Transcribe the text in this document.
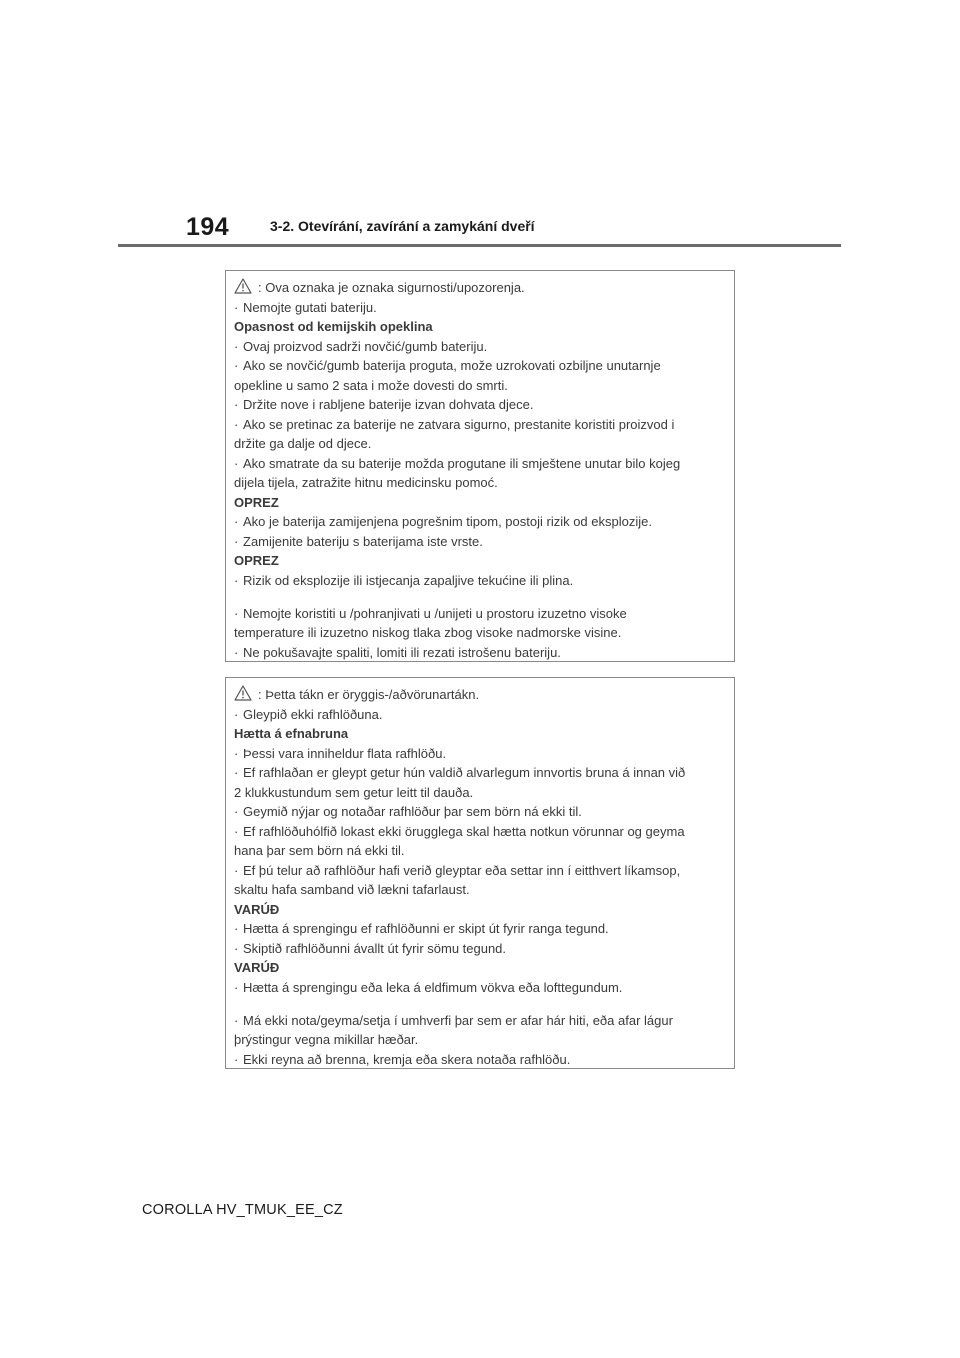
194	3-2. Otevírání, zavírání a zamykání dveří
: Ova oznaka je oznaka sigurnosti/upozorenja.
· Nemojte gutati bateriju.
Opasnost od kemijskih opeklina
· Ovaj proizvod sadrži novčić/gumb bateriju.
· Ako se novčić/gumb baterija proguta, može uzrokovati ozbiljne unutarnje
opekline u samo 2 sata i može dovesti do smrti.
· Držite nove i rabljene baterije izvan dohvata djece.
· Ako se pretinac za baterije ne zatvara sigurno, prestanite koristiti proizvod i
držite ga dalje od djece.
· Ako smatrate da su baterije možda progutane ili smještene unutar bilo kojeg
dijela tijela, zatražite hitnu medicinsku pomoć.
OPREZ
· Ako je baterija zamijenjena pogrešnim tipom, postoji rizik od eksplozije.
· Zamijenite bateriju s baterijama iste vrste.
OPREZ
· Rizik od eksplozije ili istjecanja zapaljive tekućine ili plina.
· Nemojte koristiti u /pohranjivati u /unijeti u prostoru izuzetno visoke
temperature ili izuzetno niskog tlaka zbog visoke nadmorske visine.
· Ne pokušavajte spaliti, lomiti ili rezati istrošenu bateriju.
: Þetta tákn er öryggis-/aðvörunartákn.
· Gleypið ekki rafhlöðuna.
Hætta á efnabruna
· Þessi vara inniheldur flata rafhlöðu.
· Ef rafhlaðan er gleypt getur hún valdið alvarlegum innvortis bruna á innan við
2 klukkustundum sem getur leitt til dauða.
· Geymið nýjar og notaðar rafhlöður þar sem börn ná ekki til.
· Ef rafhlöðuhólfið lokast ekki örugglega skal hætta notkun vörunnar og geyma
hana þar sem börn ná ekki til.
· Ef þú telur að rafhlöður hafi verið gleyptar eða settar inn í eitthvert líkamsop,
skaltu hafa samband við lækni tafarlaust.
VARÚÐ
· Hætta á sprengingu ef rafhlöðunni er skipt út fyrir ranga tegund.
· Skiptið rafhlöðunni ávallt út fyrir sömu tegund.
VARÚÐ
· Hætta á sprengingu eða leka á eldfimum vökva eða lofttegundum.
· Má ekki nota/geyma/setja í umhverfi þar sem er afar hár hiti, eða afar lágur
þrýstingur vegna mikillar hæðar.
· Ekki reyna að brenna, kremja eða skera notaða rafhlöðu.
COROLLA HV_TMUK_EE_CZ
